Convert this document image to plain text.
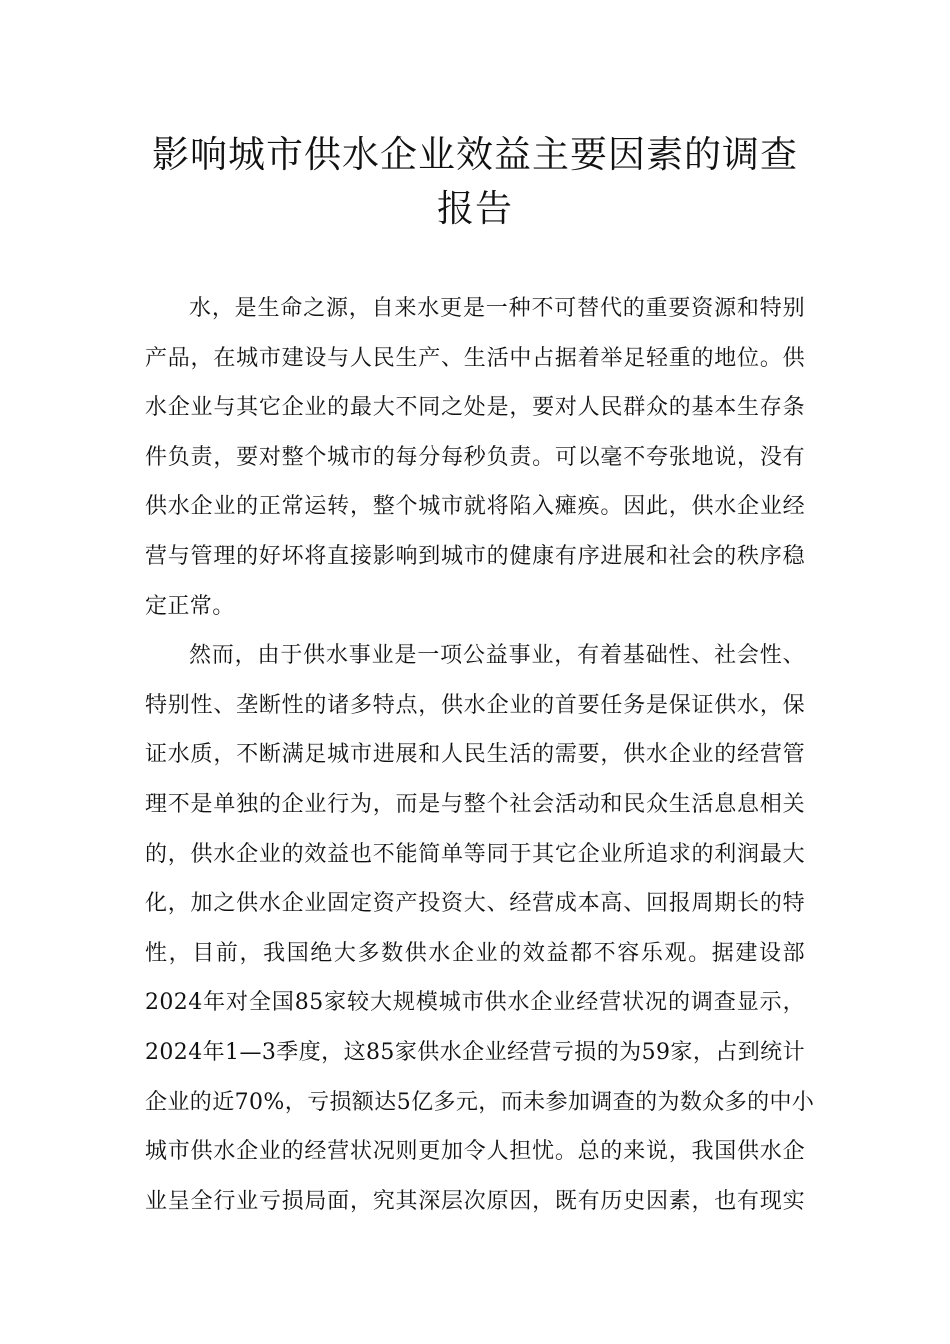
影响城市供水企业效益主要因素的调查
报告
水，是生命之源，自来水更是一种不可替代的重要资源和特别
产品，在城市建设与人民生产、生活中占据着举足轻重的地位。供
水企业与其它企业的最大不同之处是，要对人民群众的基本生存条
件负责，要对整个城市的每分每秒负责。可以毫不夸张地说，没有
供水企业的正常运转，整个城市就将陷入瘫痪。因此，供水企业经
营与管理的好坏将直接影响到城市的健康有序进展和社会的秩序稳
定正常。
然而，由于供水事业是一项公益事业，有着基础性、社会性、
特别性、垄断性的诸多特点，供水企业的首要任务是保证供水，保
证水质，不断满足城市进展和人民生活的需要，供水企业的经营管
理不是单独的企业行为，而是与整个社会活动和民众生活息息相关
的，供水企业的效益也不能简单等同于其它企业所追求的利润最大
化，加之供水企业固定资产投资大、经营成本高、回报周期长的特
性，目前，我国绝大多数供水企业的效益都不容乐观。据建设部
2024年对全国85家较大规模城市供水企业经营状况的调查显示，
2024年1—3季度，这85家供水企业经营亏损的为59家，占到统计
企业的近70%，亏损额达5亿多元，而未参加调查的为数众多的中小
城市供水企业的经营状况则更加令人担忧。总的来说，我国供水企
业呈全行业亏损局面，究其深层次原因，既有历史因素，也有现实
